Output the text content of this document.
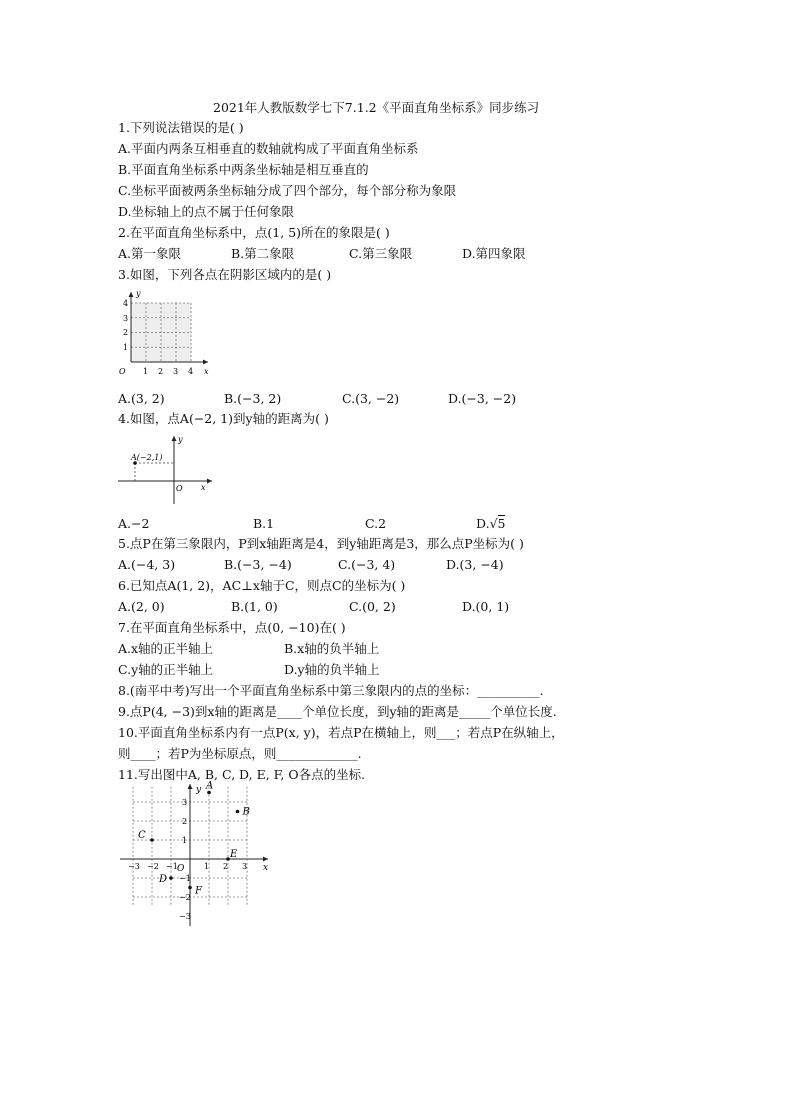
2021年人教版数学七下7.1.2《平面直角坐标系》同步练习
1.下列说法错误的是( )
A.平面内两条互相垂直的数轴就构成了平面直角坐标系
B.平面直角坐标系中两条坐标轴是相互垂直的
C.坐标平面被两条坐标轴分成了四个部分，每个部分称为象限
D.坐标轴上的点不属于任何象限
2.在平面直角坐标系中，点(1, 5)所在的象限是( )
A.第一象限	B.第二象限	C.第三象限	D.第四象限
3.如图，下列各点在阴影区域内的是( )
y
x
O 1 2 3 4
1
2
3
4
A.(3, 2)	B.(−3, 2)	C.(3, −2)	D.(−3, −2)
4.如图，点A(−2, 1)到y轴的距离为( )
A(−2,1)
y
x
O
A.−2	B.1	C.2	D.√5
5.点P在第三象限内，P到x轴距离是4，到y轴距离是3，那么点P坐标为( )
A.(−4, 3)	B.(−3, −4)	C.(−3, 4)	D.(3, −4)
6.已知点A(1, 2)，AC⊥x轴于C，则点C的坐标为( )
A.(2, 0)	B.(1, 0)	C.(0, 2)	D.(0, 1)
7.在平面直角坐标系中，点(0, −10)在( )
A.x轴的正半轴上	B.x轴的负半轴上
C.y轴的正半轴上	D.y轴的负半轴上
8.(南平中考)写出一个平面直角坐标系中第三象限内的点的坐标：__________.
9.点P(4, −3)到x轴的距离是____个单位长度，到y轴的距离是_____个单位长度.
10.平面直角坐标系内有一点P(x, y)，若点P在横轴上，则___；若点P在纵轴上，
则____；若P为坐标原点，则_____________.
11.写出图中A, B, C, D, E, F, O各点的坐标.
y
x
O
−3 −2 −1	1 2 3
3
2
1
−1
−2
−3
A
B
C
D
E
F
